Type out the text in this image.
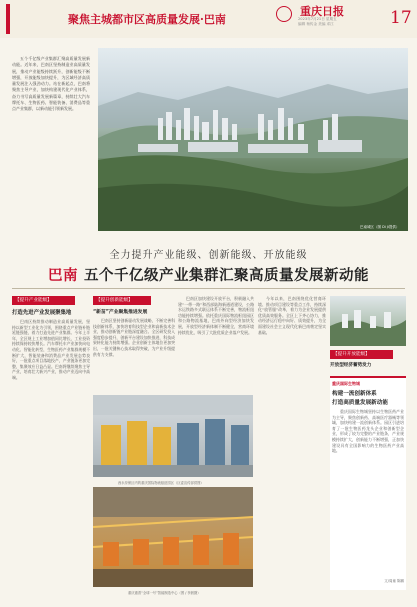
聚焦主城都市区高质量发展·巴南
重庆日报
2023年7月21日 星期五
编辑 杨传金 美编 邓江	17
五个千亿级产业集群汇聚高质量发展新动能。近年来，巴南区坚持制造业高质量发展，推动产业能级持续跃升，创新能级不断增强，开放能级加快提升，为区域经济高质量发展注入强劲动力。站在新起点，巴南将聚焦主导产业，加快构建现代化产业体系，奋力书写高质量发展新篇章，持续壮大汽车摩托车、生物医药、智能装备、消费品等重点产业集群，以新动能引领新发展。
巴南城区（图 Di Ji提供）
全力提升产业能级、创新能级、开放能级
巴南 五个千亿级产业集群汇聚高质量发展新动能
【提升产业能级】
打造先进产业发展聚集地
巴南区持续推动制造业高质量发展，坚持以新型工业化为引领，围绕重点产业链补链延链强链，着力打造先进产业集群。今年上半年，全区规上工业增加值同比增长，工业投资持续保持较快增长。汽车摩托车产业加快向电动化、智能化转型，生物医药产业集群规模不断扩大，智能装备和消费品产业发展态势良好，一批重点项目落地投产，产业链条更加完整，集聚效应日益凸显。巴南将继续聚焦主导产业，培育壮大新兴产业，推动产业迈向中高端。
【提升创新能级】
“新苗”产业聚集推进发展
巴南区坚持创新驱动发展战略，不断完善科技创新体系，加快培育科技型企业和高新技术企业，推动创新链产业链深度融合。全区研发投入强度稳步提升，创新平台建设加快推进，科技成果转化能力持续增强。企业创新主体地位更加突出，一批关键核心技术取得突破，为产业升级提供有力支撑。
巴南区加快建设开放平台，积极融入共建“一带一路”和西部陆海新通道建设，公路水运铁路多式联运体系不断完善，物流枢纽功能持续增强。依托重庆国际物流枢纽园区和公路物流基地，巴南外向型经济加快发展，开放型经济新体制不断健全，营商环境持续优化，吸引了大批优质企业落户发展。
西永综保区内的重庆国际物流枢纽园区（区委宣传部供图）
重庆惠普“全球一号”智能制造中心（图 / 李晨摄）
今年以来，巴南围绕优化营商环境、推动项目建设等重点工作，持续深化“放管服”改革，着力为企业发展提供优质高效服务。全区上下齐心协力，推动经济运行稳中向好、质效提升，为全面建设社会主义现代化新巴南奠定坚实基础。
【提升开放能级】
开放型经济蓄势发力
重庆国际生物城
构建一流创新体系
打造高质量发展新动能
重庆国际生物城坚持以生物医药产业为主导，聚焦创新药、高端医疗器械等领域，加快构建一流创新体系。园区引进培育了一批生物医药龙头企业和创新型企业，形成了较为完整的产业链条，产业规模持续扩大，创新能力不断增强，正加快建设具有全国影响力的生物医药产业高地。
文/周童 陈鹏
